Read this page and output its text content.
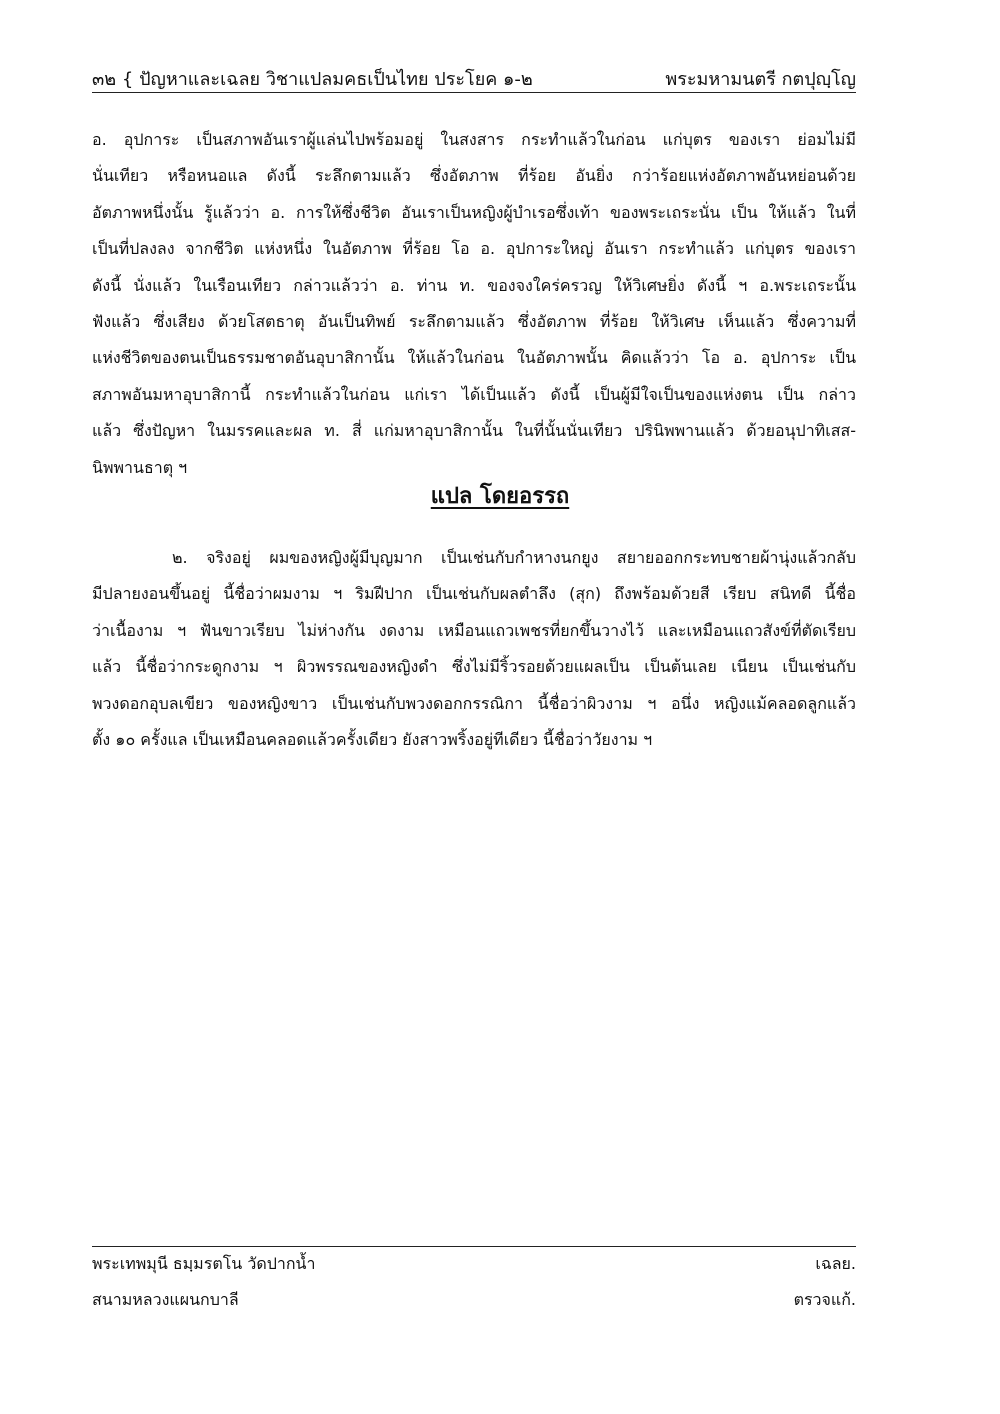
๓๒ { ปัญหาและเฉลย วิชาแปลมคธเป็นไทย ประโยค ๑-๒	พระมหามนตรี กตปุญฺโญ
อ. อุปการะ เป็นสภาพอันเราผู้แล่นไปพร้อมอยู่ ในสงสาร กระทำแล้วในก่อน แก่บุตร ของเรา ย่อมไม่มี
นั่นเทียว หรือหนอแล ดังนี้ ระลึกตามแล้ว ซึ่งอัตภาพ ที่ร้อย อันยิ่ง กว่าร้อยแห่งอัตภาพอันหย่อนด้วย
อัตภาพหนึ่งนั้น รู้แล้วว่า อ. การให้ซึ่งชีวิต อันเราเป็นหญิงผู้บำเรอซึ่งเท้า ของพระเถระนั่น เป็น ให้แล้ว ในที่
เป็นที่ปลงลง จากชีวิต แห่งหนึ่ง ในอัตภาพ ที่ร้อย โอ อ. อุปการะใหญ่ อันเรา กระทำแล้ว แก่บุตร ของเรา
ดังนี้ นั่งแล้ว ในเรือนเทียว กล่าวแล้วว่า อ. ท่าน ท. ของจงใคร่ครวญ ให้วิเศษยิ่ง ดังนี้ ฯ อ.พระเถระนั้น
ฟังแล้ว ซึ่งเสียง ด้วยโสตธาตุ อันเป็นทิพย์ ระลึกตามแล้ว ซึ่งอัตภาพ ที่ร้อย ให้วิเศษ เห็นแล้ว ซึ่งความที่
แห่งชีวิตของตนเป็นธรรมชาตอันอุบาสิกานั้น ให้แล้วในก่อน ในอัตภาพนั้น คิดแล้วว่า โอ อ. อุปการะ เป็น
สภาพอันมหาอุบาสิกานี้ กระทำแล้วในก่อน แก่เรา ได้เป็นแล้ว ดังนี้ เป็นผู้มีใจเป็นของแห่งตน เป็น กล่าว
แล้ว ซึ่งปัญหา ในมรรคและผล ท. สี่ แก่มหาอุบาสิกานั้น ในที่นั้นนั่นเทียว ปรินิพพานแล้ว ด้วยอนุปาทิเสส-
นิพพานธาตุ ฯ
แปล โดยอรรถ
๒. จริงอยู่ ผมของหญิงผู้มีบุญมาก เป็นเช่นกับกำหางนกยูง สยายออกกระทบชายผ้านุ่งแล้วกลับ
มีปลายงอนขึ้นอยู่ นี้ชื่อว่าผมงาม ฯ ริมฝีปาก เป็นเช่นกับผลตำลึง (สุก) ถึงพร้อมด้วยสี เรียบ สนิทดี นี้ชื่อ
ว่าเนื้องาม ฯ ฟันขาวเรียบ ไม่ห่างกัน งดงาม เหมือนแถวเพชรที่ยกขึ้นวางไว้ และเหมือนแถวสังข์ที่ตัดเรียบ
แล้ว นี้ชื่อว่ากระดูกงาม ฯ ผิวพรรณของหญิงดำ ซึ่งไม่มีริ้วรอยด้วยแผลเป็น เป็นต้นเลย เนียน เป็นเช่นกับ
พวงดอกอุบลเขียว ของหญิงขาว เป็นเช่นกับพวงดอกกรรณิกา นี้ชื่อว่าผิวงาม ฯ อนึ่ง หญิงแม้คลอดลูกแล้ว
ตั้ง ๑๐ ครั้งแล เป็นเหมือนคลอดแล้วครั้งเดียว ยังสาวพริ้งอยู่ทีเดียว นี้ชื่อว่าวัยงาม ฯ
พระเทพมุนี ธมฺมรตโน วัดปากน้ำ	เฉลย.
สนามหลวงแผนกบาลี	ตรวจแก้.
